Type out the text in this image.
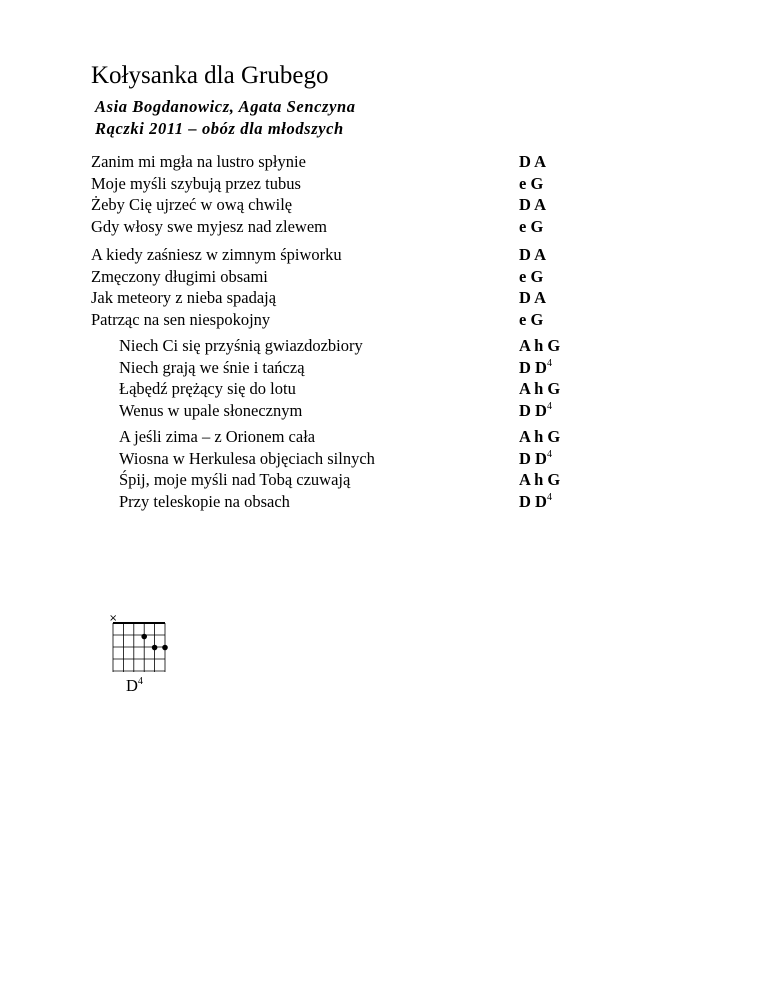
Kołysanka dla Grubego
Asia Bogdanowicz, Agata Senczyna
Rączki 2011 – obóz dla młodszych
Zanim mi mgła na lustro spłynie	D A
Moje myśli szybują przez tubus	e G
Żeby Cię ujrzeć w ową chwilę	D A
Gdy włosy swe myjesz nad zlewem	e G
A kiedy zaśniesz w zimnym śpiworku	D A
Zmęczony długimi obsami	e G
Jak meteory z nieba spadają	D A
Patrząc na sen niespokojny	e G
Niech Ci się przyśnią gwiazdozbiory	A h G
Niech grają we śnie i tańczą	D $D^4$
Łąbędź prężący się do lotu	A h G
Wenus w upale słonecznym	D $D^4$
A jeśli zima – z Orionem cała	A h G
Wiosna w Herkulesa objęciach silnych	D $D^4$
Śpij, moje myśli nad Tobą czuwają	A h G
Przy teleskopie na obsach	D $D^4$
×
$D^4$
